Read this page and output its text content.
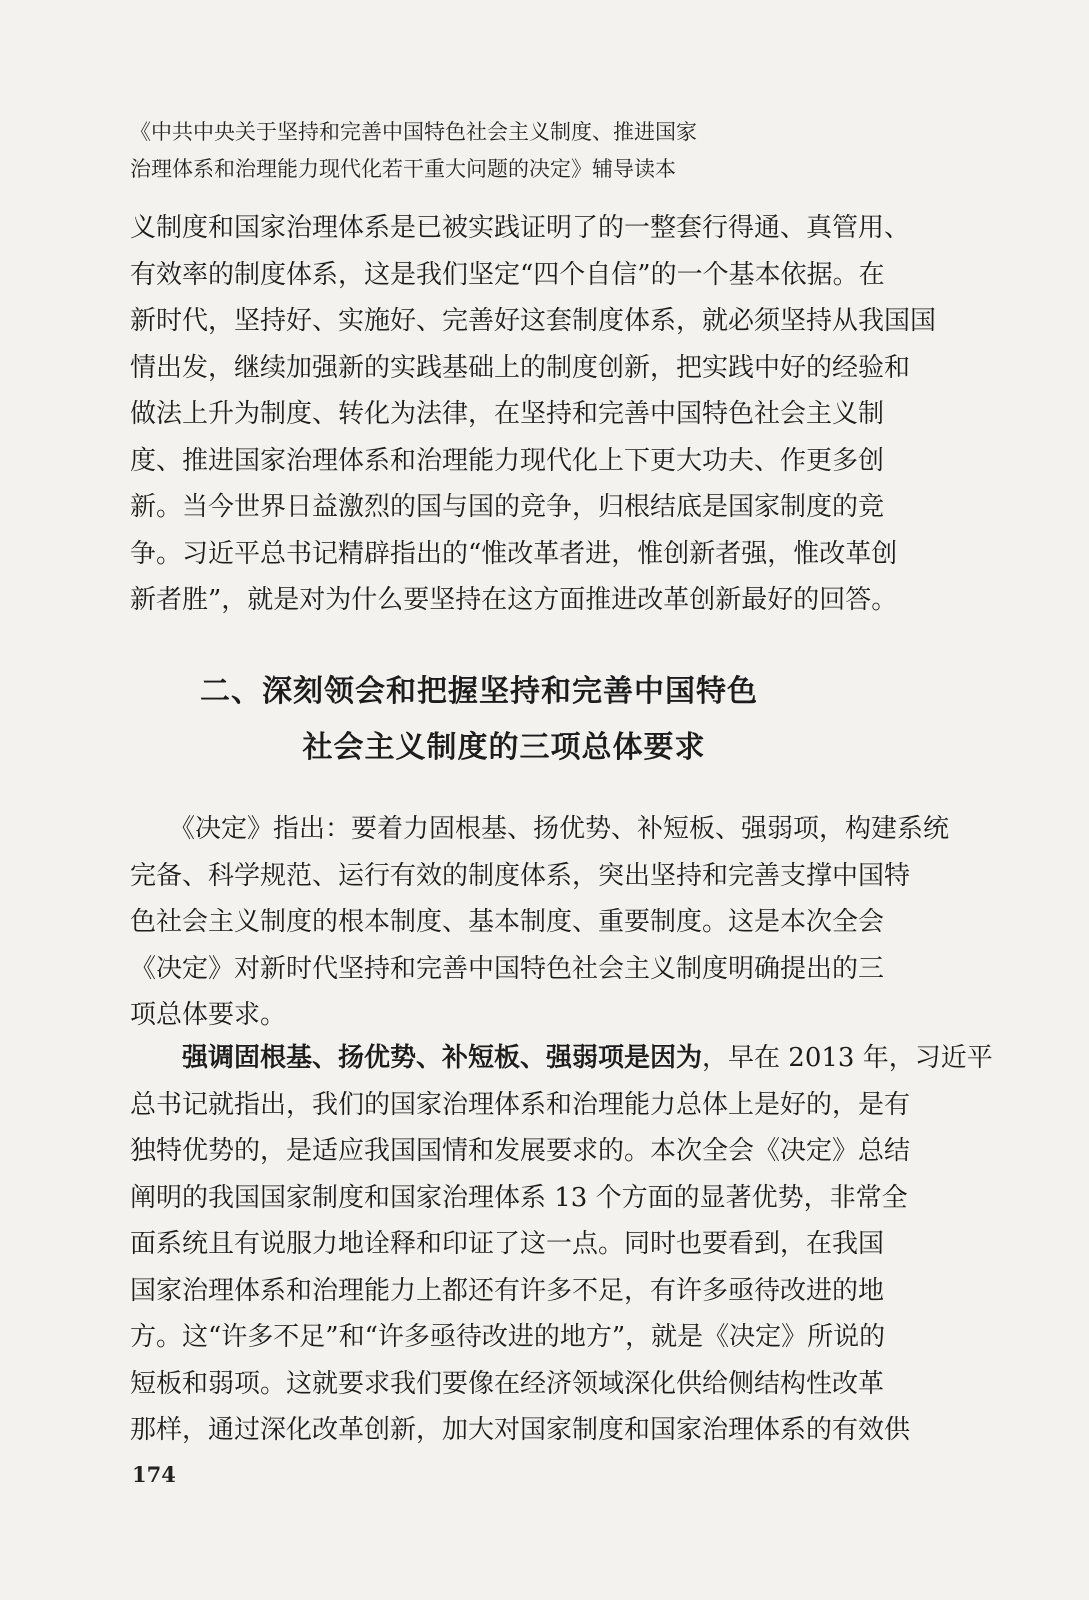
《中共中央关于坚持和完善中国特色社会主义制度、推进国家
治理体系和治理能力现代化若干重大问题的决定》辅导读本
义制度和国家治理体系是已被实践证明了的一整套行得通、真管用、
有效率的制度体系，这是我们坚定“四个自信”的一个基本依据。在
新时代，坚持好、实施好、完善好这套制度体系，就必须坚持从我国国
情出发，继续加强新的实践基础上的制度创新，把实践中好的经验和
做法上升为制度、转化为法律，在坚持和完善中国特色社会主义制
度、推进国家治理体系和治理能力现代化上下更大功夫、作更多创
新。当今世界日益激烈的国与国的竞争，归根结底是国家制度的竞
争。习近平总书记精辟指出的“惟改革者进，惟创新者强，惟改革创
新者胜”，就是对为什么要坚持在这方面推进改革创新最好的回答。
二、深刻领会和把握坚持和完善中国特色
社会主义制度的三项总体要求
　　《决定》指出：要着力固根基、扬优势、补短板、强弱项，构建系统
完备、科学规范、运行有效的制度体系，突出坚持和完善支撑中国特
色社会主义制度的根本制度、基本制度、重要制度。这是本次全会
《决定》对新时代坚持和完善中国特色社会主义制度明确提出的三
项总体要求。
　　强调固根基、扬优势、补短板、强弱项是因为，早在 2013 年，习近平
总书记就指出，我们的国家治理体系和治理能力总体上是好的，是有
独特优势的，是适应我国国情和发展要求的。本次全会《决定》总结
阐明的我国国家制度和国家治理体系 13 个方面的显著优势，非常全
面系统且有说服力地诠释和印证了这一点。同时也要看到，在我国
国家治理体系和治理能力上都还有许多不足，有许多亟待改进的地
方。这“许多不足”和“许多亟待改进的地方”，就是《决定》所说的
短板和弱项。这就要求我们要像在经济领域深化供给侧结构性改革
那样，通过深化改革创新，加大对国家制度和国家治理体系的有效供
174
